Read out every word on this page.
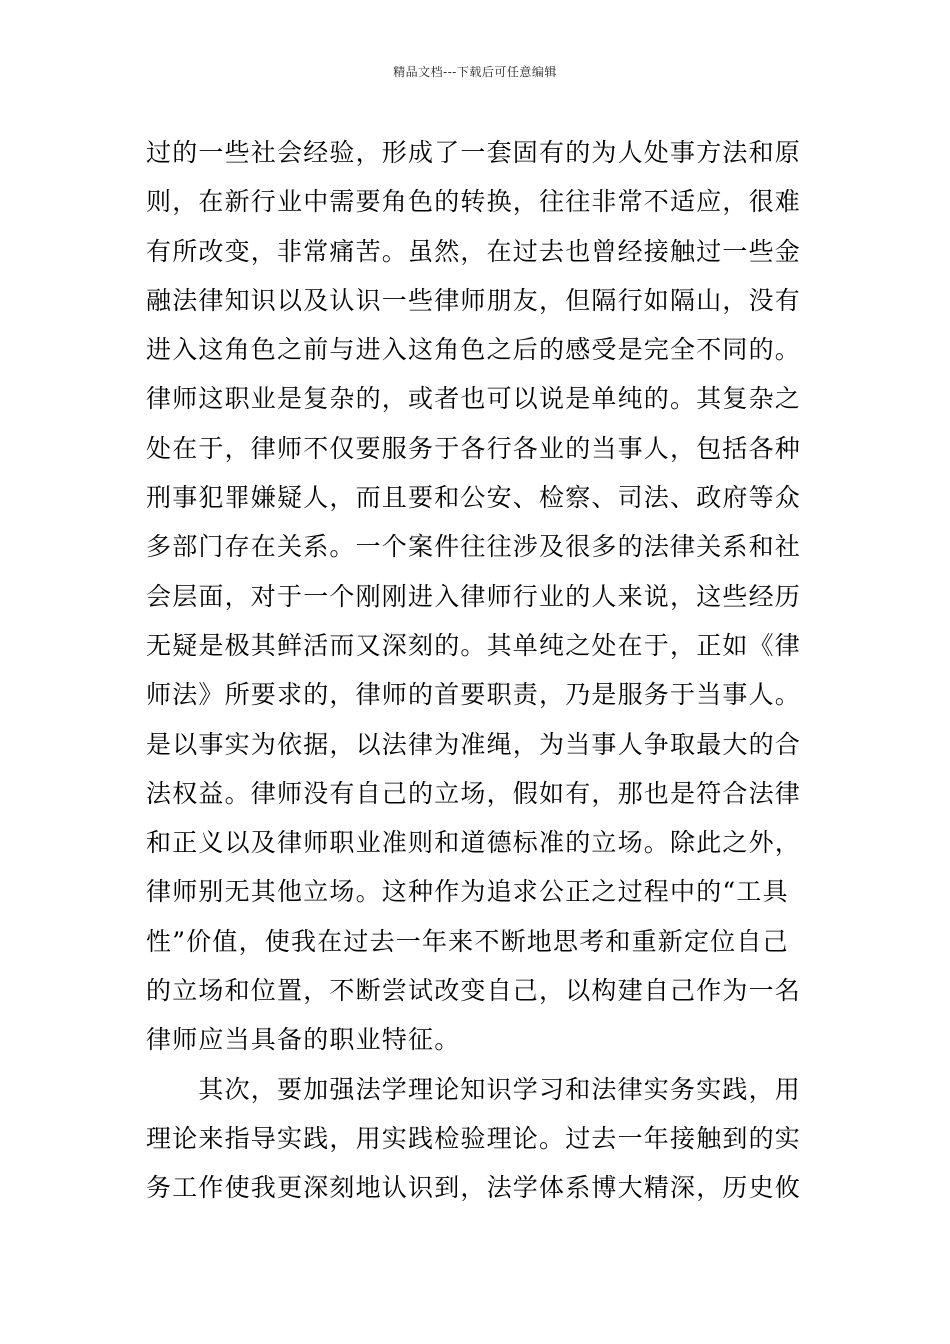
精品文档---下载后可任意编辑
过的一些社会经验，形成了一套固有的为人处事方法和原
则，在新行业中需要角色的转换，往往非常不适应，很难
有所改变，非常痛苦。虽然，在过去也曾经接触过一些金
融法律知识以及认识一些律师朋友，但隔行如隔山，没有
进入这角色之前与进入这角色之后的感受是完全不同的。
律师这职业是复杂的，或者也可以说是单纯的。其复杂之
处在于，律师不仅要服务于各行各业的当事人，包括各种
刑事犯罪嫌疑人，而且要和公安、检察、司法、政府等众
多部门存在关系。一个案件往往涉及很多的法律关系和社
会层面，对于一个刚刚进入律师行业的人来说，这些经历
无疑是极其鲜活而又深刻的。其单纯之处在于，正如《律
师法》所要求的，律师的首要职责，乃是服务于当事人。
是以事实为依据，以法律为准绳，为当事人争取最大的合
法权益。律师没有自己的立场，假如有，那也是符合法律
和正义以及律师职业准则和道德标准的立场。除此之外，
律师别无其他立场。这种作为追求公正之过程中的“工具
性”价值，使我在过去一年来不断地思考和重新定位自己
的立场和位置，不断尝试改变自己，以构建自己作为一名
律师应当具备的职业特征。
　　其次，要加强法学理论知识学习和法律实务实践，用
理论来指导实践，用实践检验理论。过去一年接触到的实
务工作使我更深刻地认识到，法学体系博大精深，历史攸
